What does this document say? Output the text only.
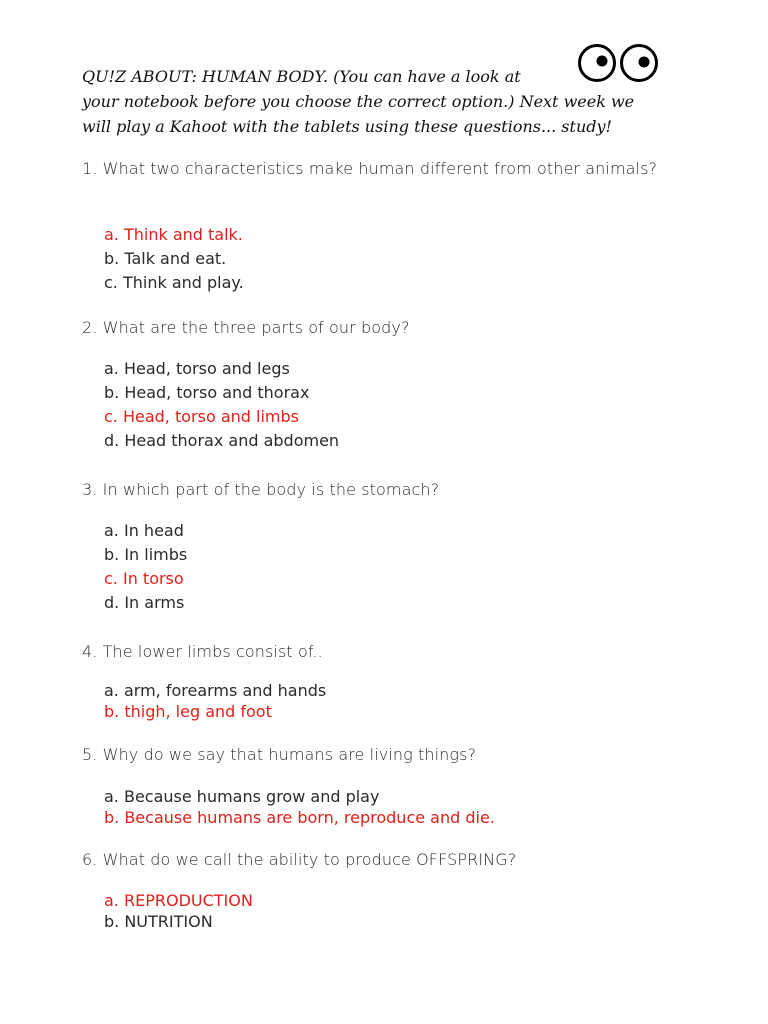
QU!Z ABOUT: HUMAN BODY. (You can have a look at
your notebook before you choose the correct option.) Next week we
will play a Kahoot with the tablets using these questions... study!
1. What two characteristics make human different from other animals?
a. Think and talk.
b. Talk and eat.
c. Think and play.
2. What are the three parts of our body?
a. Head, torso and legs
b. Head, torso and thorax
c. Head, torso and limbs
d. Head thorax and abdomen
3. In which part of the body is the stomach?
a. In head
b. In limbs
c. In torso
d. In arms
4. The lower limbs consist of..
a. arm, forearms and hands
b. thigh, leg and foot
5. Why do we say that humans are living things?
a. Because humans grow and play
b. Because humans are born, reproduce and die.
6. What do we call the ability to produce OFFSPRING?
a. REPRODUCTION
b. NUTRITION
